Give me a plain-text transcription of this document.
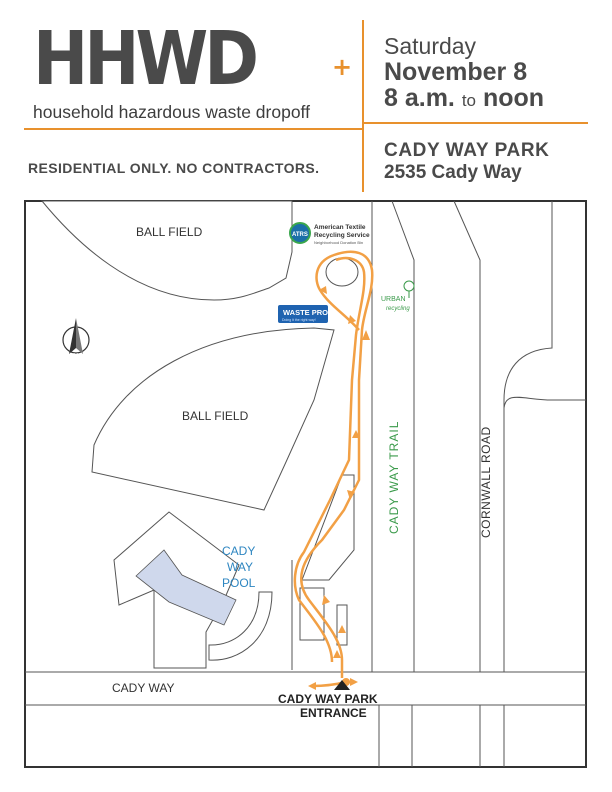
HHWD	+
household hazardous waste dropoff
Saturday
November 8
8 a.m. to noon
RESIDENTIAL ONLY. NO CONTRACTORS.
CADY WAY PARK
2535 Cady Way
N
BALL FIELD
BALL FIELD
CADY
WAY
POOL
CADY WAY
CADY WAY TRAIL	CORNWALL ROAD
CADY WAY PARK
ENTRANCE
ATRS
American Textile
Recycling Service
Neighborhood Donation Bin
WASTE PRO
Doing it the right way!
URBAN
recycling
